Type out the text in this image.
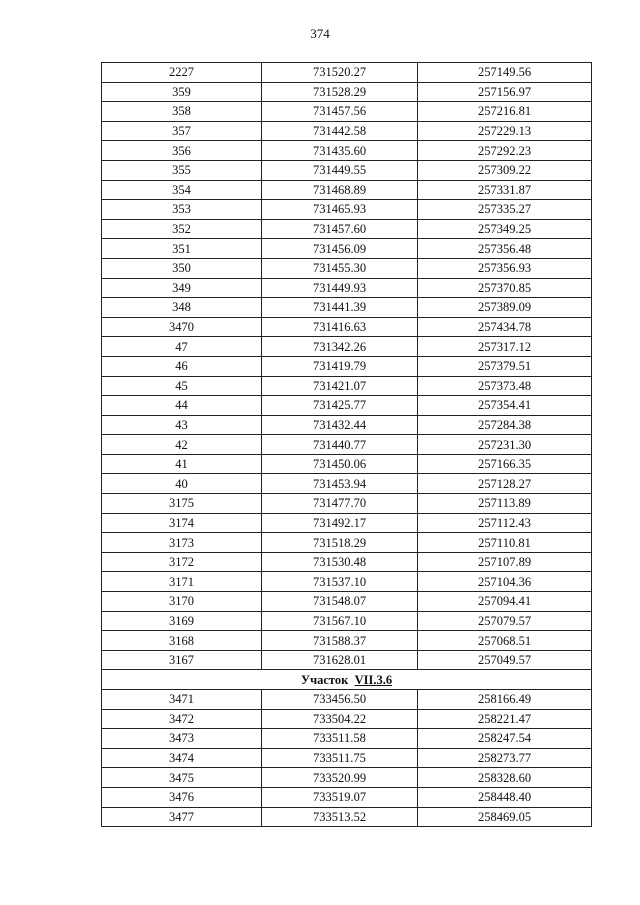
374
2227	731520.27	257149.56
359	731528.29	257156.97
358	731457.56	257216.81
357	731442.58	257229.13
356	731435.60	257292.23
355	731449.55	257309.22
354	731468.89	257331.87
353	731465.93	257335.27
352	731457.60	257349.25
351	731456.09	257356.48
350	731455.30	257356.93
349	731449.93	257370.85
348	731441.39	257389.09
3470	731416.63	257434.78
47	731342.26	257317.12
46	731419.79	257379.51
45	731421.07	257373.48
44	731425.77	257354.41
43	731432.44	257284.38
42	731440.77	257231.30
41	731450.06	257166.35
40	731453.94	257128.27
3175	731477.70	257113.89
3174	731492.17	257112.43
3173	731518.29	257110.81
3172	731530.48	257107.89
3171	731537.10	257104.36
3170	731548.07	257094.41
3169	731567.10	257079.57
3168	731588.37	257068.51
3167	731628.01	257049.57
Участок VII.3.6		
3471	733456.50	258166.49
3472	733504.22	258221.47
3473	733511.58	258247.54
3474	733511.75	258273.77
3475	733520.99	258328.60
3476	733519.07	258448.40
3477	733513.52	258469.05
